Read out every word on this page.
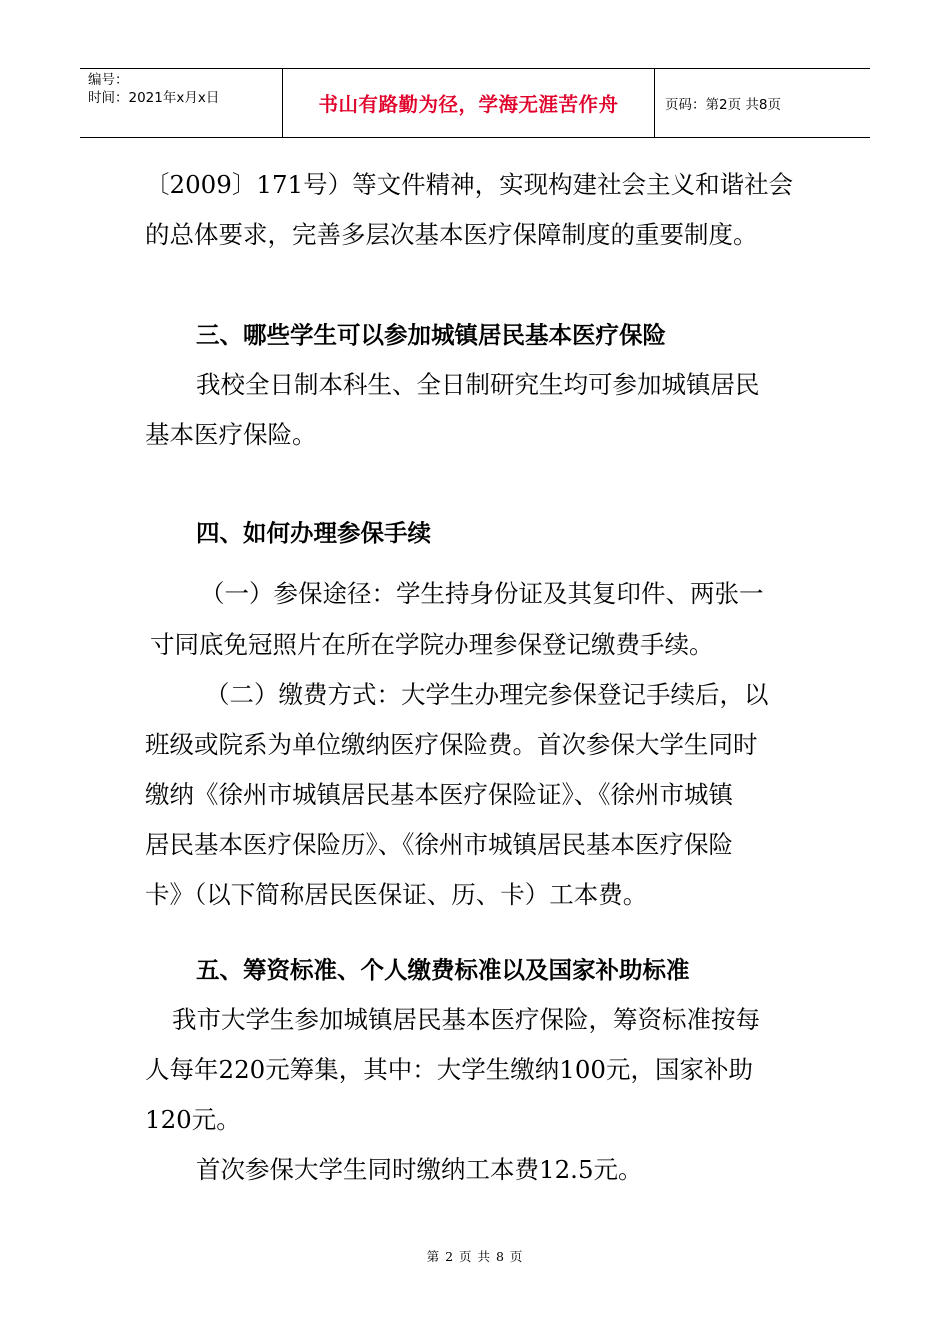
编号：
时间：2021年x月x日	书山有路勤为径，学海无涯苦作舟	页码：第2页 共8页
〔2009〕171号）等文件精神，实现构建社会主义和谐社会
的总体要求，完善多层次基本医疗保障制度的重要制度。
三、哪些学生可以参加城镇居民基本医疗保险
我校全日制本科生、全日制研究生均可参加城镇居民
基本医疗保险。
四、如何办理参保手续
（一）参保途径：学生持身份证及其复印件、两张一
寸同底免冠照片在所在学院办理参保登记缴费手续。
（二）缴费方式：大学生办理完参保登记手续后，以
班级或院系为单位缴纳医疗保险费。首次参保大学生同时
缴纳《徐州市城镇居民基本医疗保险证》、《徐州市城镇
居民基本医疗保险历》、《徐州市城镇居民基本医疗保险
卡》（以下简称居民医保证、历、卡）工本费。
五、筹资标准、个人缴费标准以及国家补助标准
我市大学生参加城镇居民基本医疗保险，筹资标准按每
人每年220元筹集，其中：大学生缴纳100元，国家补助
120元。
首次参保大学生同时缴纳工本费12.5元。
第 2 页 共 8 页
